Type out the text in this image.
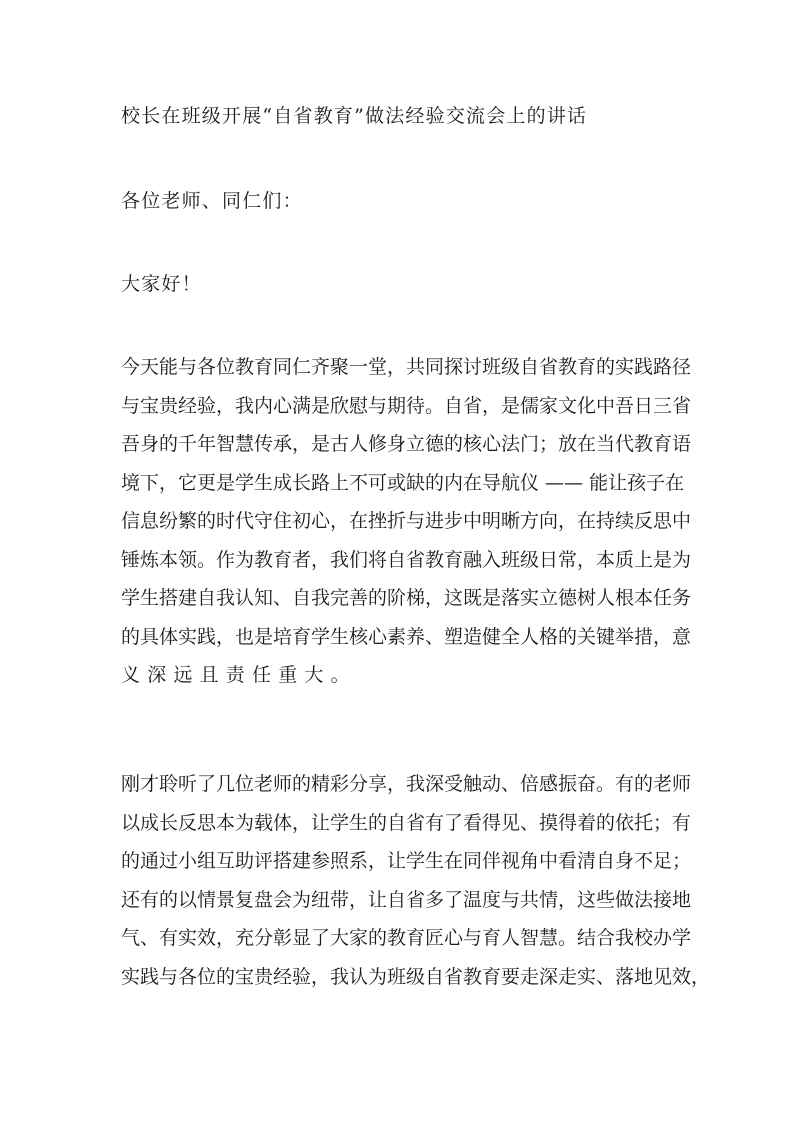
校长在班级开展“自省教育”做法经验交流会上的讲话
各位老师、同仁们：
大家好！
今天能与各位教育同仁齐聚一堂，共同探讨班级自省教育的实践路径
与宝贵经验，我内心满是欣慰与期待。自省，是儒家文化中吾日三省
吾身的千年智慧传承，是古人修身立德的核心法门；放在当代教育语
境下，它更是学生成长路上不可或缺的内在导航仪 —— 能让孩子在
信息纷繁的时代守住初心，在挫折与进步中明晰方向，在持续反思中
锤炼本领。作为教育者，我们将自省教育融入班级日常，本质上是为
学生搭建自我认知、自我完善的阶梯，这既是落实立德树人根本任务
的具体实践，也是培育学生核心素养、塑造健全人格的关键举措，意
义深远且责任重大。
刚才聆听了几位老师的精彩分享，我深受触动、倍感振奋。有的老师
以成长反思本为载体，让学生的自省有了看得见、摸得着的依托；有
的通过小组互助评搭建参照系，让学生在同伴视角中看清自身不足；
还有的以情景复盘会为纽带，让自省多了温度与共情，这些做法接地
气、有实效，充分彰显了大家的教育匠心与育人智慧。结合我校办学
实践与各位的宝贵经验，我认为班级自省教育要走深走实、落地见效，
